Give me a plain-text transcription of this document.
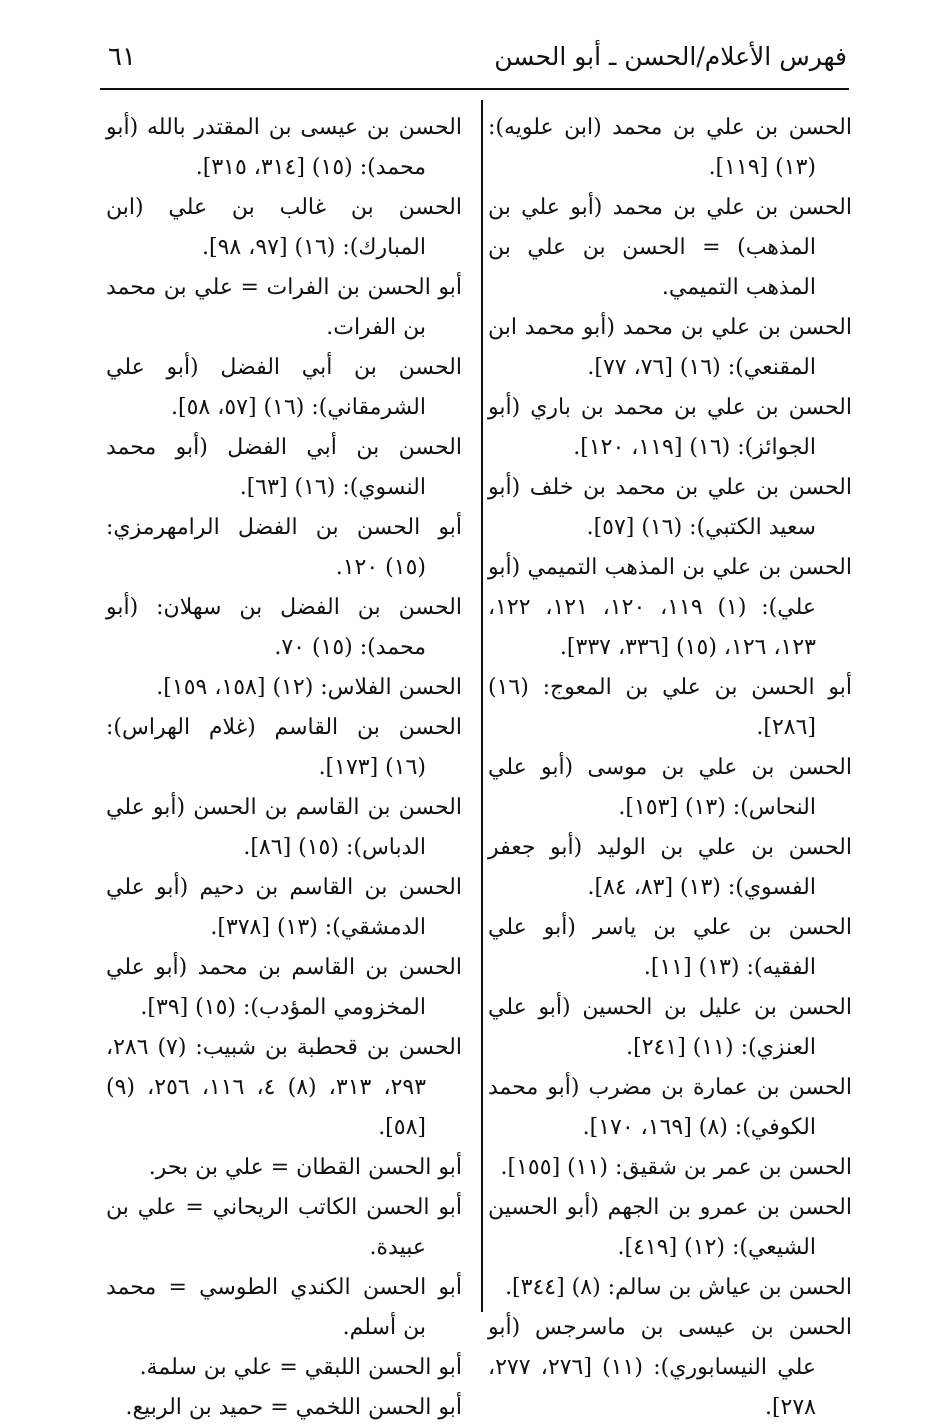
٦١	فهرس الأعلام/الحسن ـ أبو الحسن

الحسن بن علي بن محمد (ابن علويه): (١٣) [١١٩].

الحسن بن علي بن محمد (أبو علي بن المذهب) = الحسن بن علي بن المذهب التميمي.

الحسن بن علي بن محمد (أبو محمد ابن المقنعي): (١٦) [٧٦، ٧٧].

الحسن بن علي بن محمد بن باري (أبو الجوائز): (١٦) [١١٩، ١٢٠].

الحسن بن علي بن محمد بن خلف (أبو سعيد الكتبي): (١٦) [٥٧].

الحسن بن علي بن المذهب التميمي (أبو علي): (١) ١١٩، ١٢٠، ١٢١، ١٢٢، ١٢٣، ١٢٦، (١٥) [٣٣٦، ٣٣٧].

أبو الحسن بن علي بن المعوج: (١٦) [٢٨٦].

الحسن بن علي بن موسى (أبو علي النحاس): (١٣) [١٥٣].

الحسن بن علي بن الوليد (أبو جعفر الفسوي): (١٣) [٨٣، ٨٤].

الحسن بن علي بن ياسر (أبو علي الفقيه): (١٣) [١١].

الحسن بن عليل بن الحسين (أبو علي العنزي): (١١) [٢٤١].

الحسن بن عمارة بن مضرب (أبو محمد الكوفي): (٨) [١٦٩، ١٧٠].

الحسن بن عمر بن شقيق: (١١) [١٥٥].

الحسن بن عمرو بن الجهم (أبو الحسين الشيعي): (١٢) [٤١٩].

الحسن بن عياش بن سالم: (٨) [٣٤٤].

الحسن بن عيسى بن ماسرجس (أبو علي النيسابوري): (١١) [٢٧٦، ٢٧٧، ٢٧٨].

الحسن بن عيسى بن المقتدر بالله (أبو محمد): (١٥) [٣١٤، ٣١٥].

الحسن بن غالب بن علي (ابن المبارك): (١٦) [٩٧، ٩٨].

أبو الحسن بن الفرات = علي بن محمد بن الفرات.

الحسن بن أبي الفضل (أبو علي الشرمقاني): (١٦) [٥٧، ٥٨].

الحسن بن أبي الفضل (أبو محمد النسوي): (١٦) [٦٣].

أبو الحسن بن الفضل الرامهرمزي: (١٥) ١٢٠.

الحسن بن الفضل بن سهلان: (أبو محمد): (١٥) ٧٠.

الحسن الفلاس: (١٢) [١٥٨، ١٥٩].

الحسن بن القاسم (غلام الهراس): (١٦) [١٧٣].

الحسن بن القاسم بن الحسن (أبو علي الدباس): (١٥) [٨٦].

الحسن بن القاسم بن دحيم (أبو علي الدمشقي): (١٣) [٣٧٨].

الحسن بن القاسم بن محمد (أبو علي المخزومي المؤدب): (١٥) [٣٩].

الحسن بن قحطبة بن شبيب: (٧) ٢٨٦، ٢٩٣، ٣١٣، (٨) ٤، ١١٦، ٢٥٦، (٩) [٥٨].

أبو الحسن القطان = علي بن بحر.

أبو الحسن الكاتب الريحاني = علي بن عبيدة.

أبو الحسن الكندي الطوسي = محمد بن أسلم.

أبو الحسن اللبقي = علي بن سلمة.

أبو الحسن اللخمي = حميد بن الربيع.
